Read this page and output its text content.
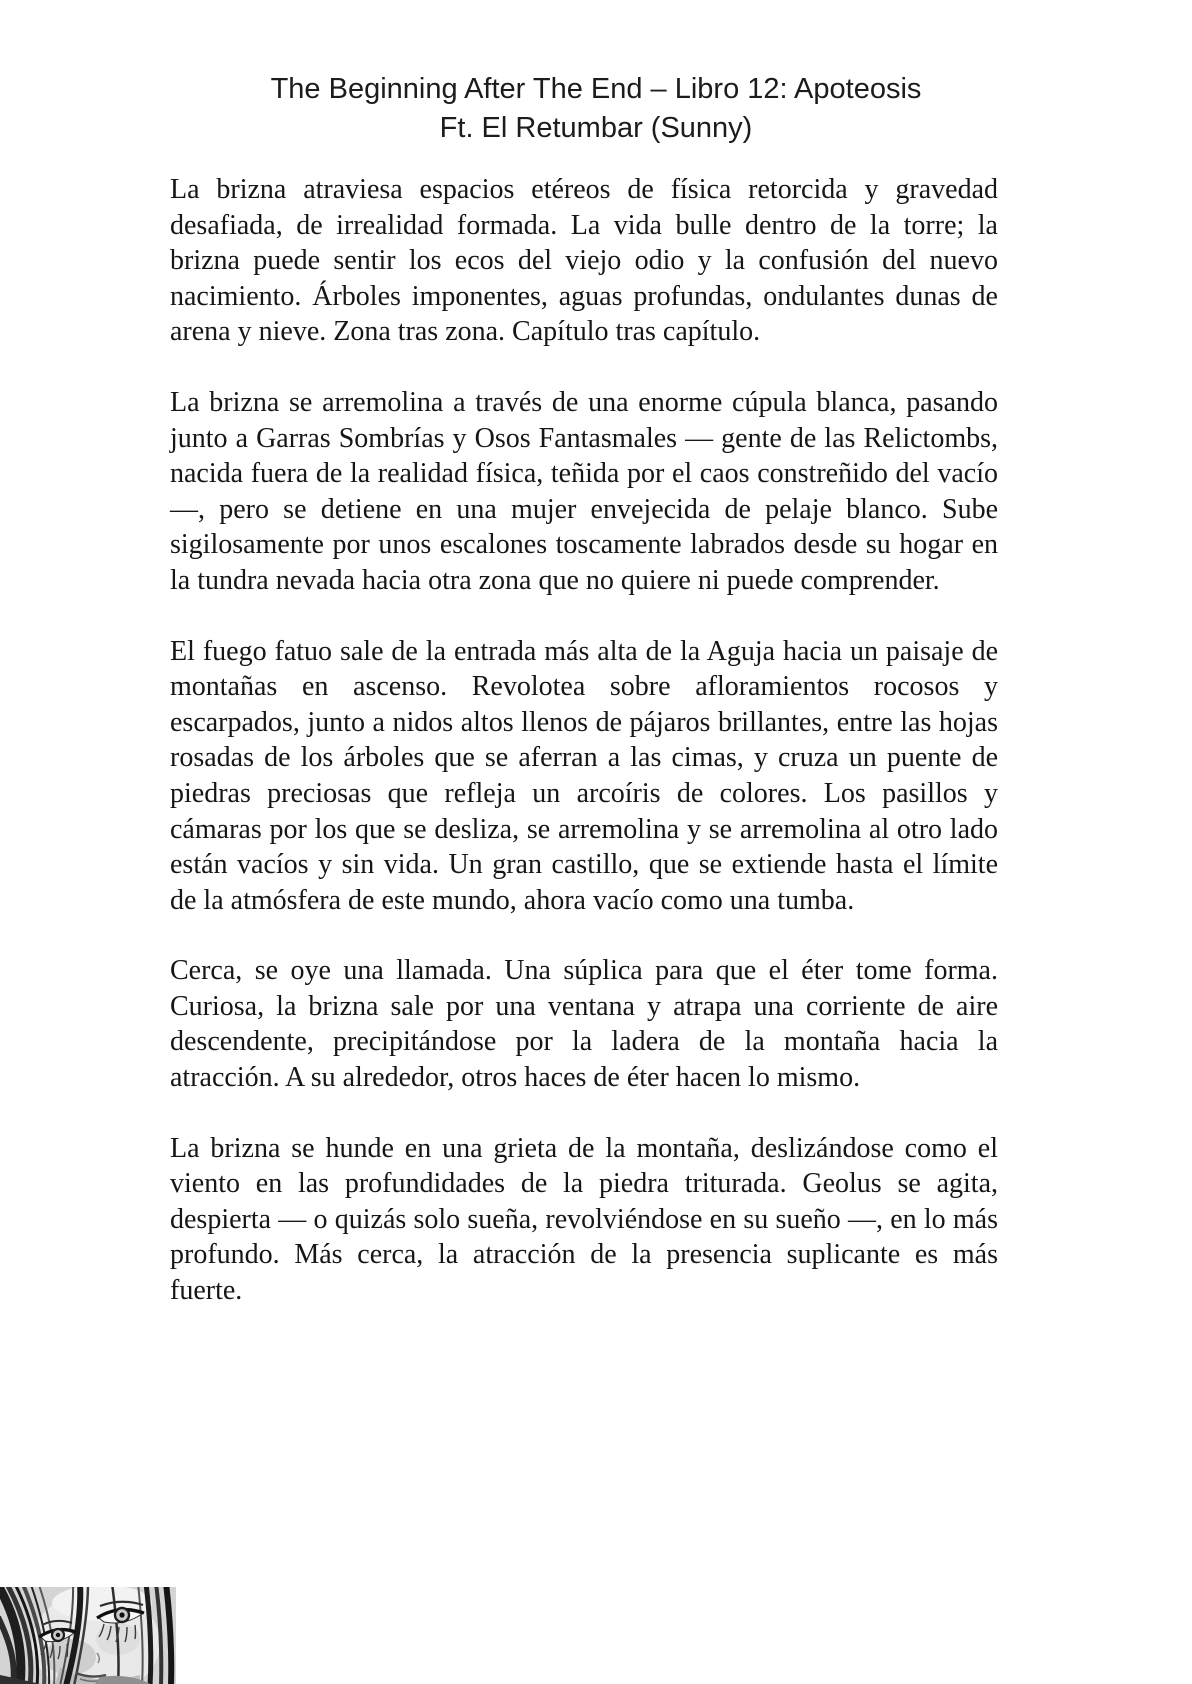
The Beginning After The End – Libro 12: Apoteosis
Ft. El Retumbar (Sunny)

La brizna atraviesa espacios etéreos de física retorcida y gravedad desafiada, de irrealidad formada. La vida bulle dentro de la torre; la brizna puede sentir los ecos del viejo odio y la confusión del nuevo nacimiento. Árboles imponentes, aguas profundas, ondulantes dunas de arena y nieve. Zona tras zona. Capítulo tras capítulo.

La brizna se arremolina a través de una enorme cúpula blanca, pasando junto a Garras Sombrías y Osos Fantasmales — gente de las Relictombs, nacida fuera de la realidad física, teñida por el caos constreñido del vacío —, pero se detiene en una mujer envejecida de pelaje blanco. Sube sigilosamente por unos escalones toscamente labrados desde su hogar en la tundra nevada hacia otra zona que no quiere ni puede comprender.

El fuego fatuo sale de la entrada más alta de la Aguja hacia un paisaje de montañas en ascenso. Revolotea sobre afloramientos rocosos y escarpados, junto a nidos altos llenos de pájaros brillantes, entre las hojas rosadas de los árboles que se aferran a las cimas, y cruza un puente de piedras preciosas que refleja un arcoíris de colores. Los pasillos y cámaras por los que se desliza, se arremolina y se arremolina al otro lado están vacíos y sin vida. Un gran castillo, que se extiende hasta el límite de la atmósfera de este mundo, ahora vacío como una tumba.

Cerca, se oye una llamada. Una súplica para que el éter tome forma. Curiosa, la brizna sale por una ventana y atrapa una corriente de aire descendente, precipitándose por la ladera de la montaña hacia la atracción. A su alrededor, otros haces de éter hacen lo mismo.

La brizna se hunde en una grieta de la montaña, deslizándose como el viento en las profundidades de la piedra triturada. Geolus se agita, despierta — o quizás solo sueña, revolviéndose en su sueño —, en lo más profundo. Más cerca, la atracción de la presencia suplicante es más fuerte.
